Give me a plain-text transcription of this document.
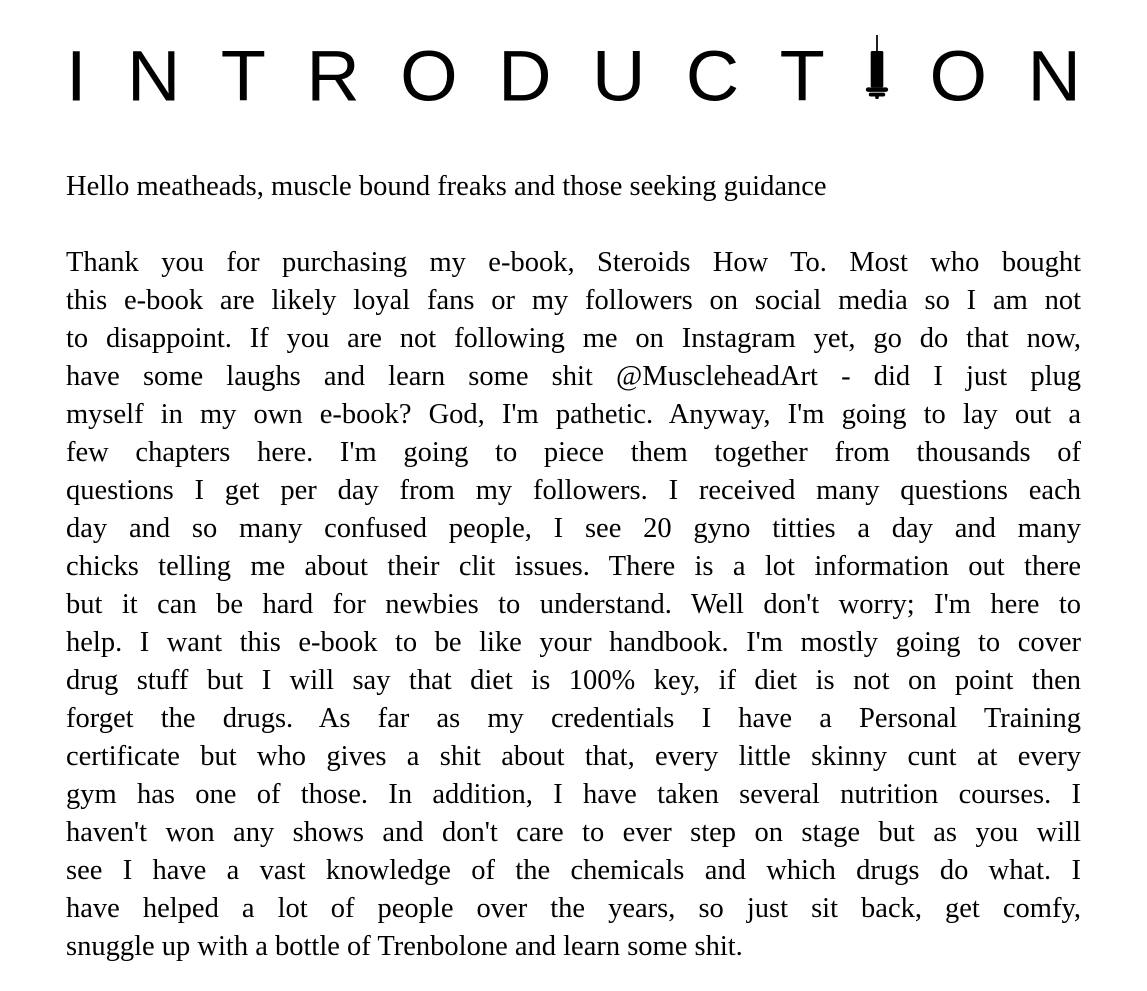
I N T R O D U C T O N

Hello meatheads, muscle bound freaks and those seeking guidance

Thank you for purchasing my e-book, Steroids How To. Most who bought
this e-book are likely loyal fans or my followers on social media so I am not
to disappoint. If you are not following me on Instagram yet, go do that now,
have some laughs and learn some shit @MuscleheadArt - did I just plug
myself in my own e-book? God, I'm pathetic. Anyway, I'm going to lay out a
few chapters here. I'm going to piece them together from thousands of
questions I get per day from my followers. I received many questions each
day and so many confused people, I see 20 gyno titties a day and many
chicks telling me about their clit issues. There is a lot information out there
but it can be hard for newbies to understand. Well don't worry; I'm here to
help. I want this e-book to be like your handbook. I'm mostly going to cover
drug stuff but I will say that diet is 100% key, if diet is not on point then
forget the drugs. As far as my credentials I have a Personal Training
certificate but who gives a shit about that, every little skinny cunt at every
gym has one of those. In addition, I have taken several nutrition courses. I
haven't won any shows and don't care to ever step on stage but as you will
see I have a vast knowledge of the chemicals and which drugs do what. I
have helped a lot of people over the years, so just sit back, get comfy,
snuggle up with a bottle of Trenbolone and learn some shit.
